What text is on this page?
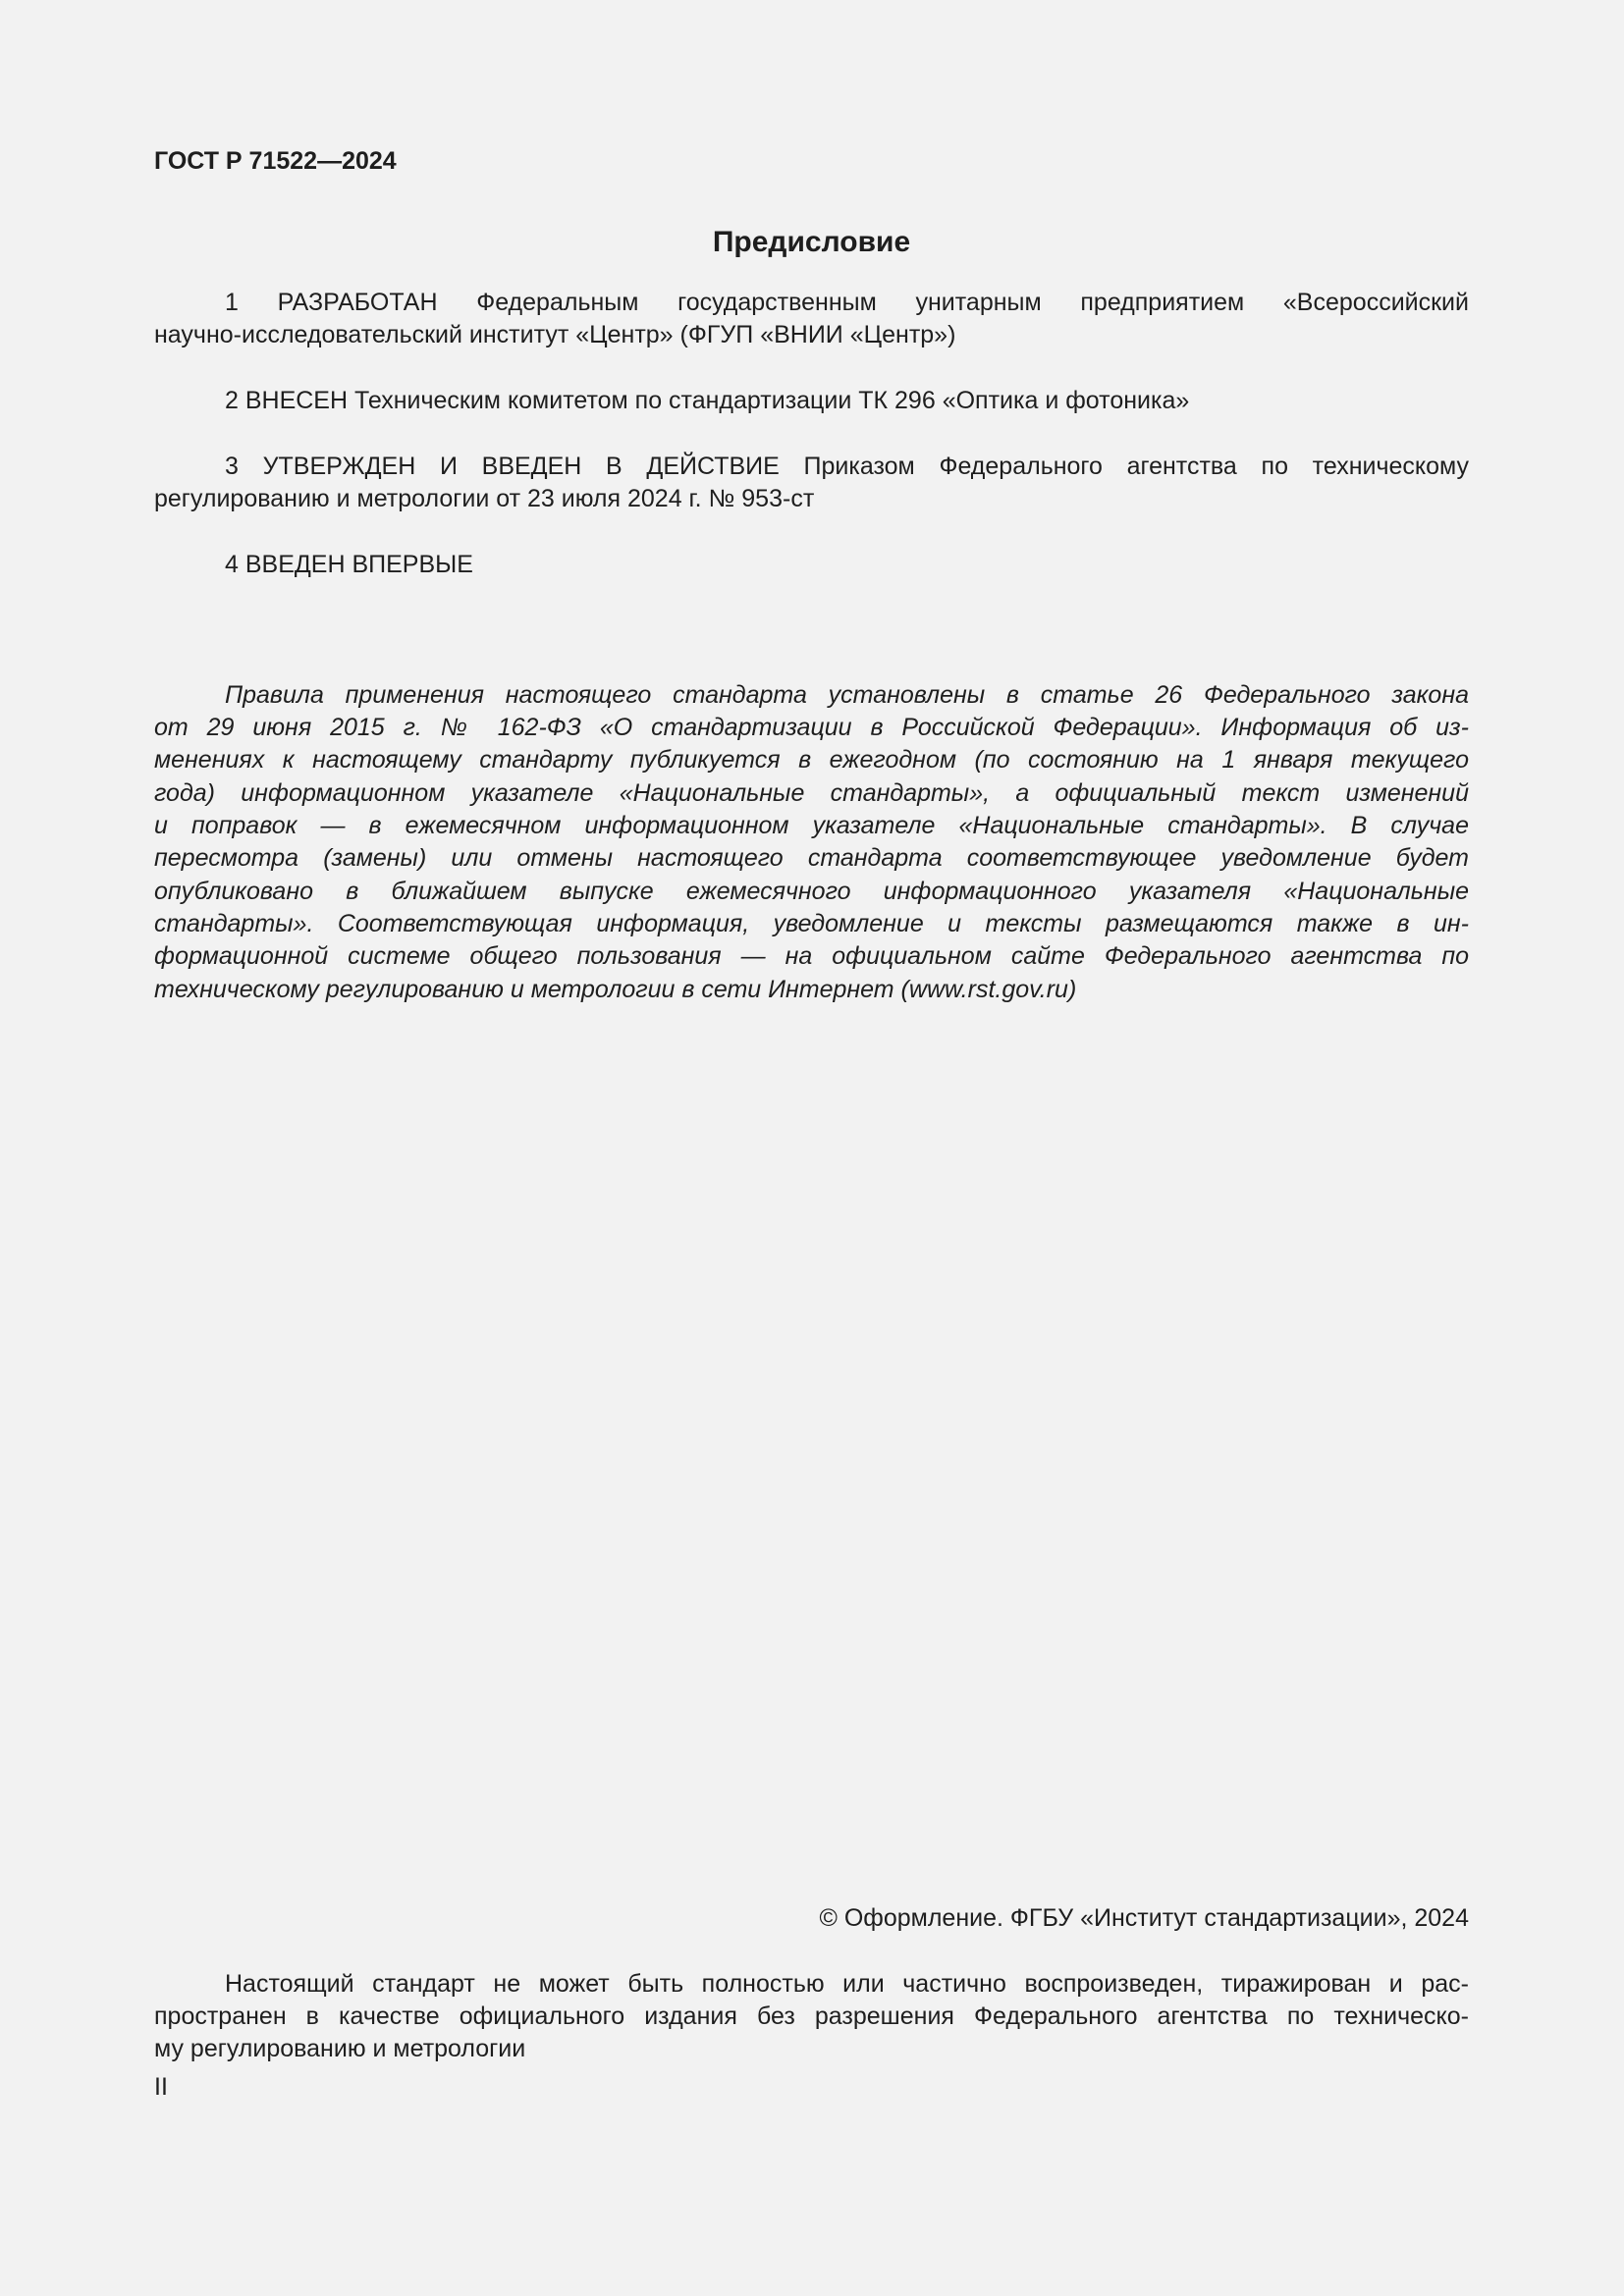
ГОСТ Р 71522—2024
Предисловие
1 РАЗРАБОТАН Федеральным государственным унитарным предприятием «Всероссийский
научно-исследовательский институт «Центр» (ФГУП «ВНИИ «Центр»)
2 ВНЕСЕН Техническим комитетом по стандартизации ТК 296 «Оптика и фотоника»
3 УТВЕРЖДЕН И ВВЕДЕН В ДЕЙСТВИЕ Приказом Федерального агентства по техническому
регулированию и метрологии от 23 июля 2024 г. № 953-ст
4 ВВЕДЕН ВПЕРВЫЕ
Правила применения настоящего стандарта установлены в статье 26 Федерального закона
от 29 июня 2015 г. № 162-ФЗ «О стандартизации в Российской Федерации». Информация об из-
менениях к настоящему стандарту публикуется в ежегодном (по состоянию на 1 января текущего
года) информационном указателе «Национальные стандарты», а официальный текст изменений
и поправок — в ежемесячном информационном указателе «Национальные стандарты». В случае
пересмотра (замены) или отмены настоящего стандарта соответствующее уведомление будет
опубликовано в ближайшем выпуске ежемесячного информационного указателя «Национальные
стандарты». Соответствующая информация, уведомление и тексты размещаются также в ин-
формационной системе общего пользования — на официальном сайте Федерального агентства по
техническому регулированию и метрологии в сети Интернет (www.rst.gov.ru)
© Оформление. ФГБУ «Институт стандартизации», 2024
Настоящий стандарт не может быть полностью или частично воспроизведен, тиражирован и рас-
пространен в качестве официального издания без разрешения Федерального агентства по техническо-
му регулированию и метрологии
II
